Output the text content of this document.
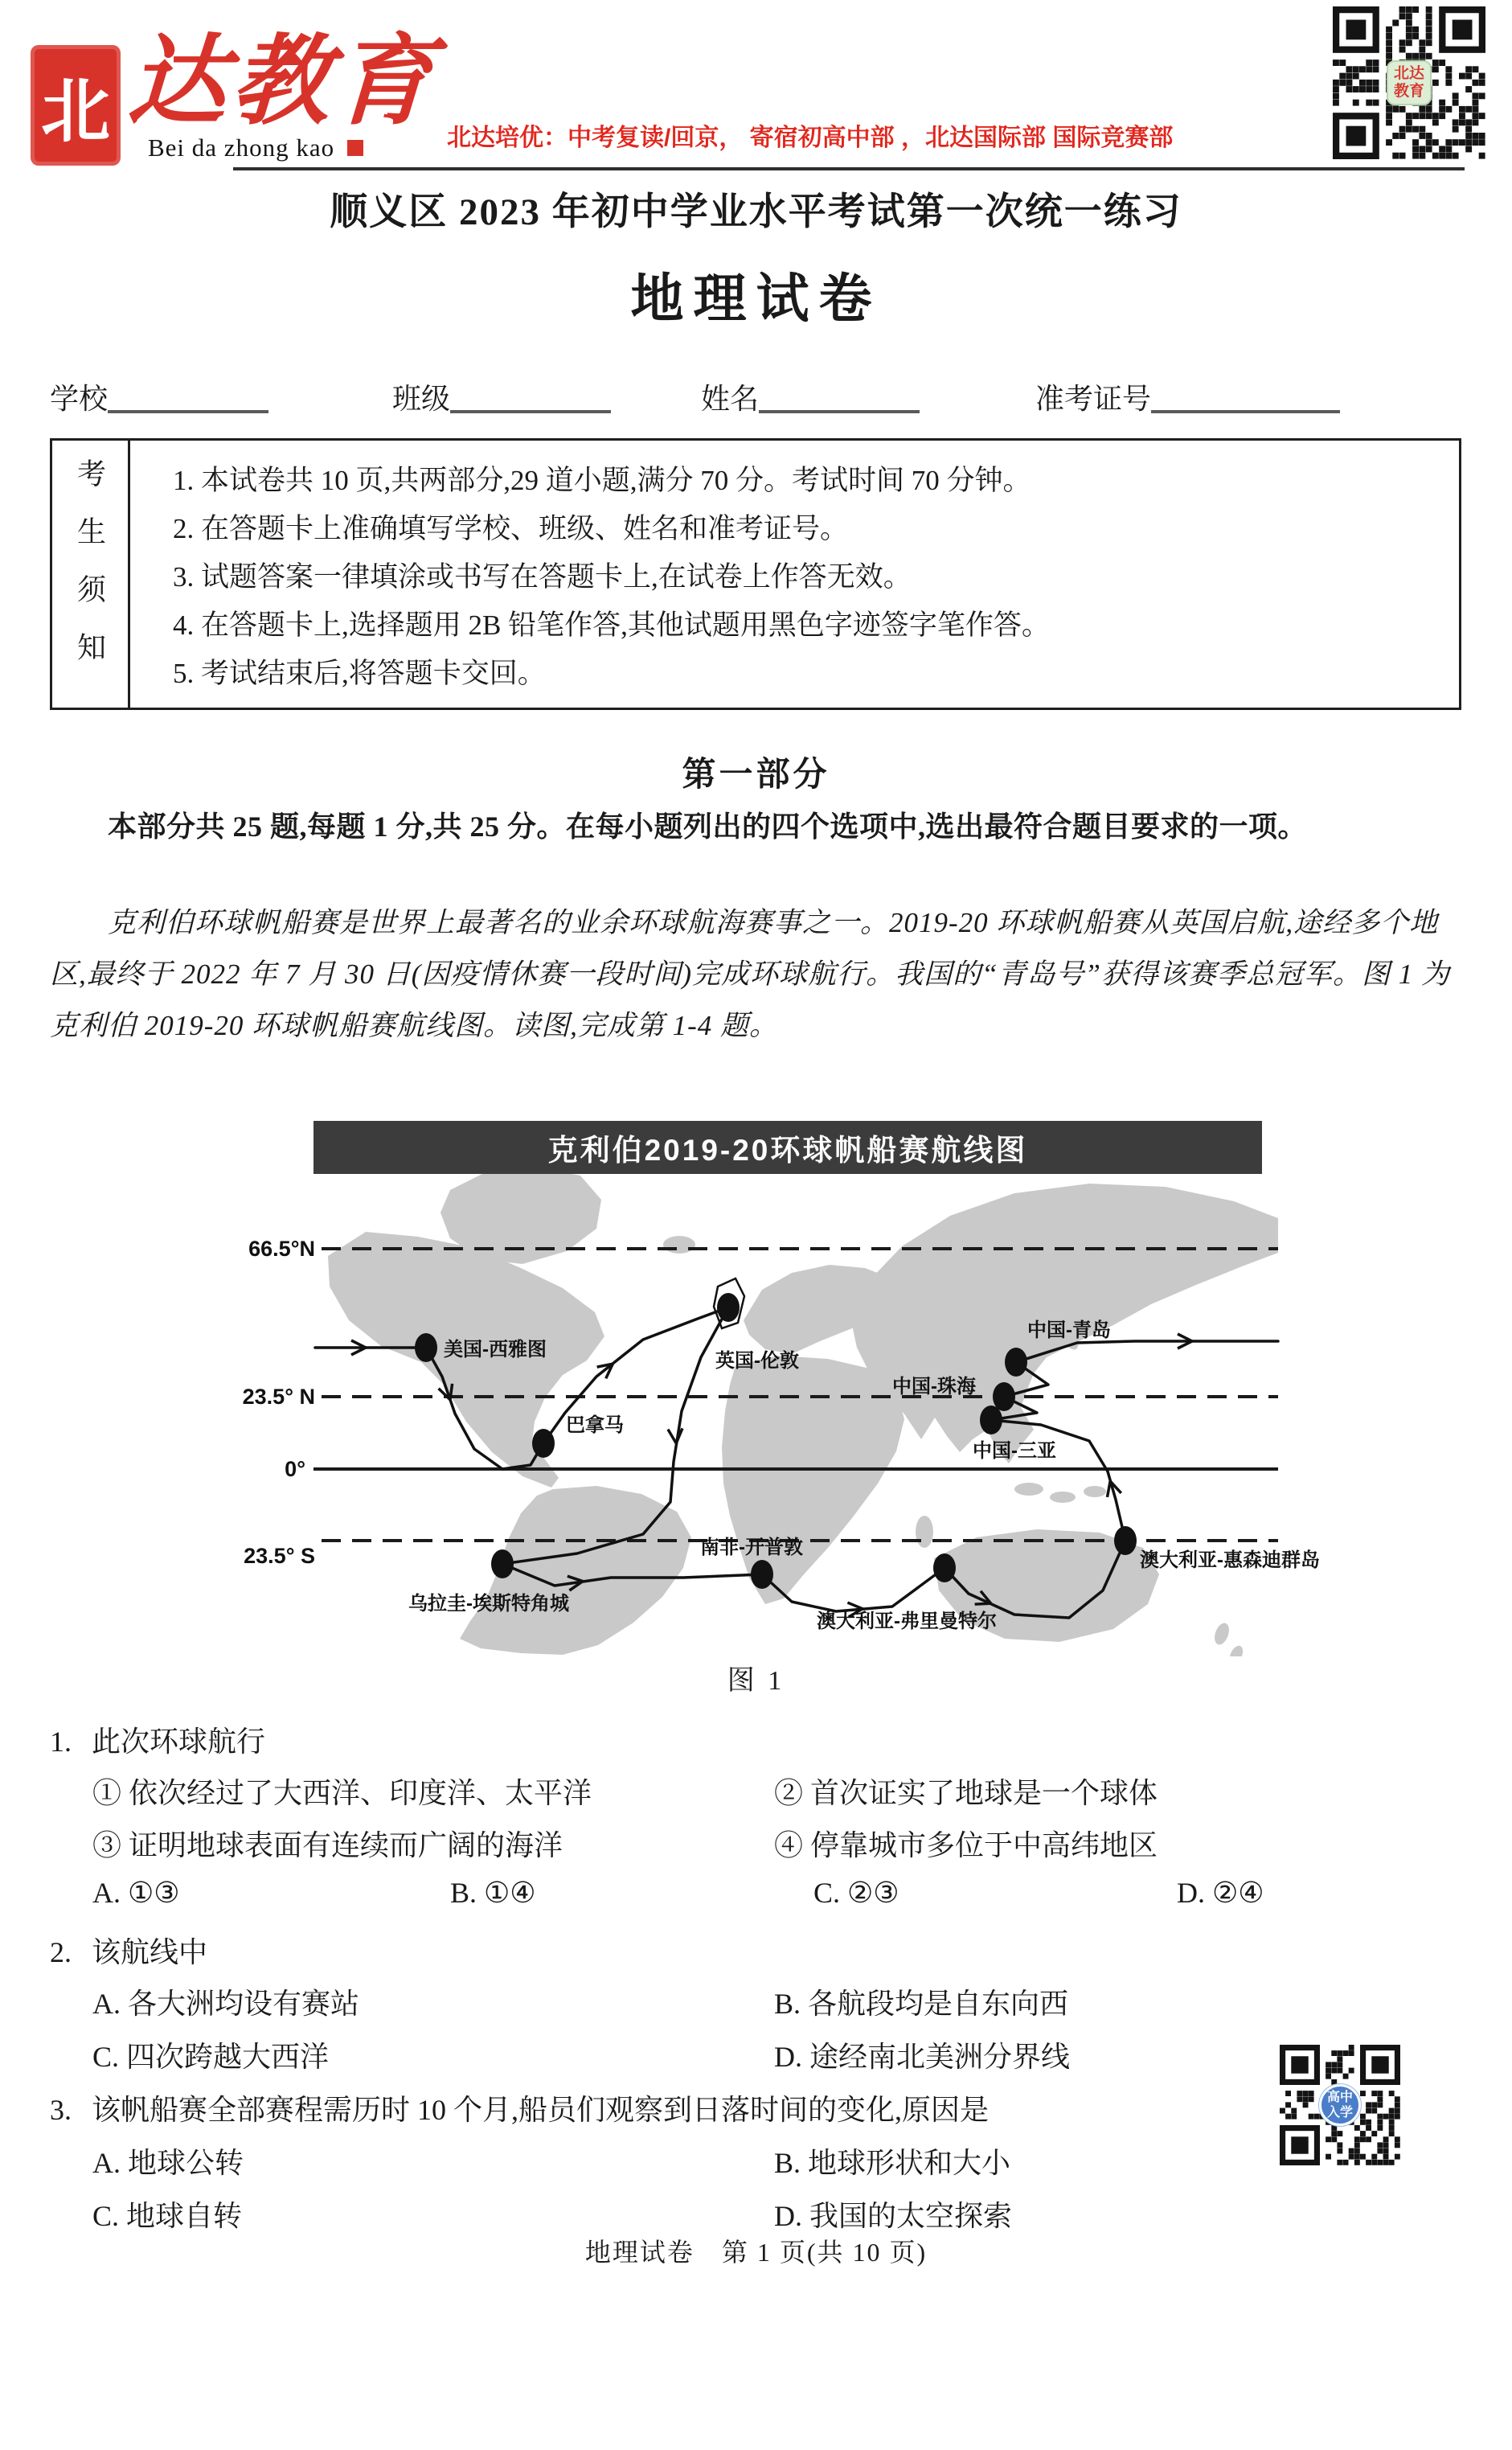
北 达教育
Bei da zhong kao	北达培优：中考复读/回京， 寄宿初高中部 ，北达国际部 国际竞赛部
北达
教育
顺义区 2023 年初中学业水平考试第一次统一练习
地理试卷
学校	班级	姓名	准考证号
考生须知 1. 本试卷共 10 页,共两部分,29 道小题,满分 70 分。考试时间 70 分钟。
2. 在答题卡上准确填写学校、班级、姓名和准考证号。
3. 试题答案一律填涂或书写在答题卡上,在试卷上作答无效。
4. 在答题卡上,选择题用 2B 铅笔作答,其他试题用黑色字迹签字笔作答。
5. 考试结束后,将答题卡交回。
第一部分
本部分共 25 题,每题 1 分,共 25 分。在每小题列出的四个选项中,选出最符合题目要求的一项。
克利伯环球帆船赛是世界上最著名的业余环球航海赛事之一。2019-20 环球帆船赛从英国启航,途经多个地区,最终于 2022 年 7 月 30 日(因疫情休赛一段时间)完成环球航行。我国的“青岛号”获得该赛季总冠军。图 1 为克利伯 2019-20 环球帆船赛航线图。读图,完成第 1-4 题。
克利伯2019-20环球帆船赛航线图
66.5°N
23.5° N
0°
23.5° S
英国-伦敦
乌拉圭-埃斯特角城
南非-开普敦
澳大利亚-弗里曼特尔
澳大利亚-惠森迪群岛
中国-三亚
中国-珠海
中国-青岛
美国-西雅图
巴拿马
图 1
1. 此次环球航行
① 依次经过了大西洋、印度洋、太平洋	② 首次证实了地球是一个球体
③ 证明地球表面有连续而广阔的海洋	④ 停靠城市多位于中高纬地区
A. ①③	B. ①④	C. ②③	D. ②④
2. 该航线中
A. 各大洲均设有赛站	B. 各航段均是自东向西
C. 四次跨越大西洋	D. 途经南北美洲分界线
3. 该帆船赛全部赛程需历时 10 个月,船员们观察到日落时间的变化,原因是
A. 地球公转	B. 地球形状和大小
C. 地球自转	D. 我国的太空探索
高中
入学
地理试卷　第 1 页(共 10 页)
